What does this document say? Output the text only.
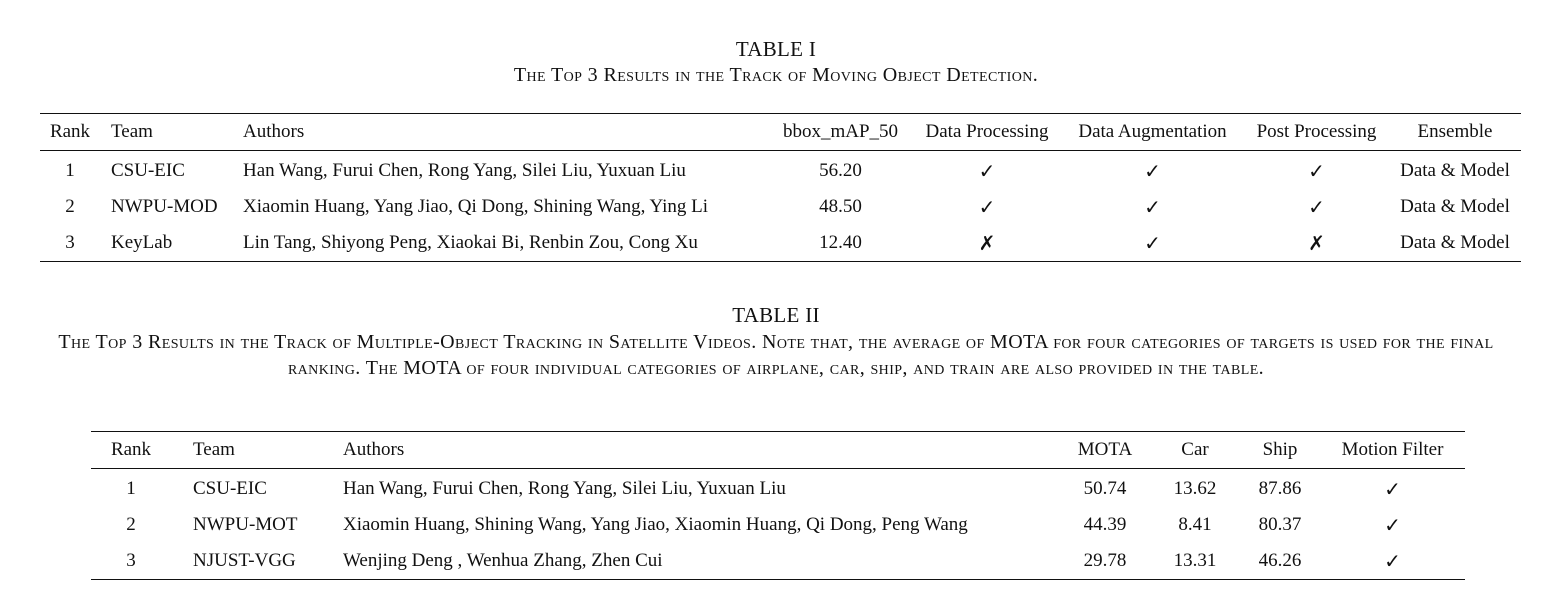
TABLE I
The Top 3 Results in the Track of Moving Object Detection.
Rank	Team	Authors	bbox_mAP_50	Data Processing	Data Augmentation	Post Processing	Ensemble
1	CSU-EIC	Han Wang, Furui Chen, Rong Yang, Silei Liu, Yuxuan Liu	56.20	✓	✓	✓	Data & Model
2	NWPU-MOD	Xiaomin Huang, Yang Jiao, Qi Dong, Shining Wang, Ying Li	48.50	✓	✓	✓	Data & Model
3	KeyLab	Lin Tang, Shiyong Peng, Xiaokai Bi, Renbin Zou, Cong Xu	12.40	✗	✓	✗	Data & Model
TABLE II
The Top 3 Results in the Track of Multiple-Object Tracking in Satellite Videos. Note that, the average of MOTA for four categories of targets is used for the final ranking. The MOTA of four individual categories of airplane, car, ship, and train are also provided in the table.
Rank	Team	Authors	MOTA	Car	Ship	Motion Filter
1	CSU-EIC	Han Wang, Furui Chen, Rong Yang, Silei Liu, Yuxuan Liu	50.74	13.62	87.86	✓
2	NWPU-MOT	Xiaomin Huang, Shining Wang, Yang Jiao, Xiaomin Huang, Qi Dong, Peng Wang	44.39	8.41	80.37	✓
3	NJUST-VGG	Wenjing Deng , Wenhua Zhang, Zhen Cui	29.78	13.31	46.26	✓
